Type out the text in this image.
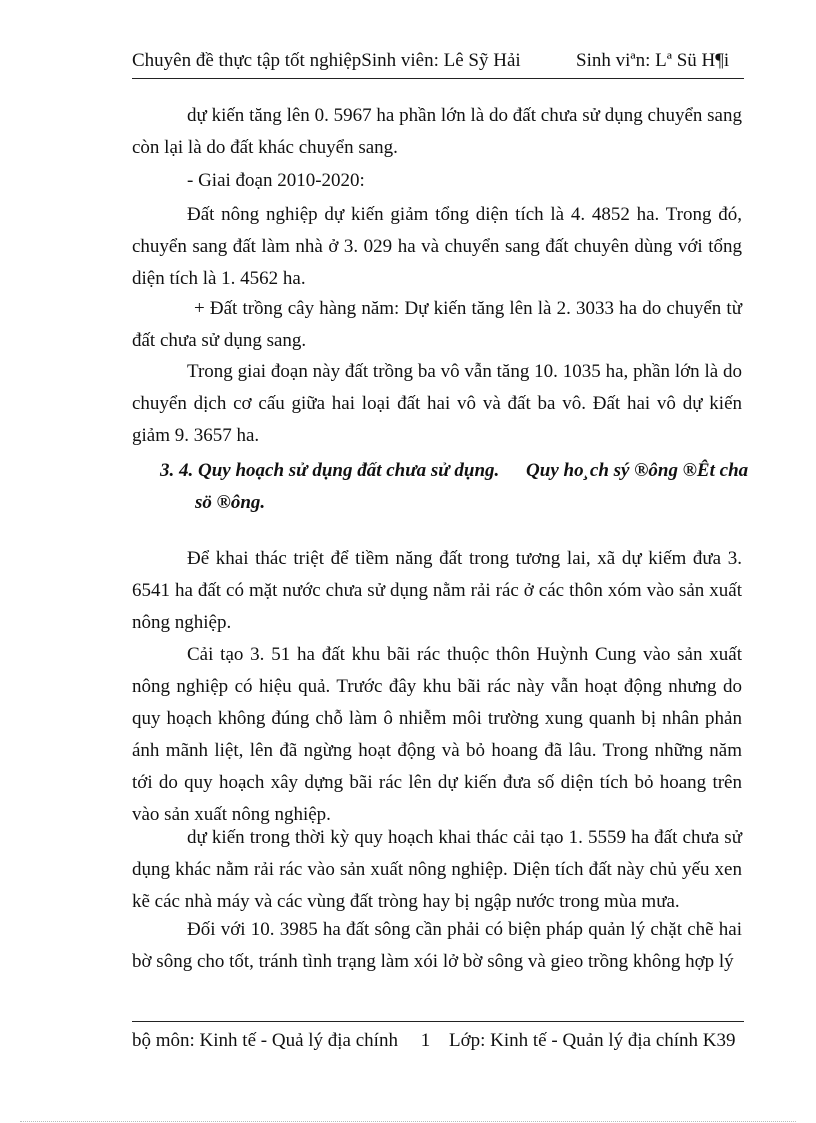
Chuyên đề thực tập tốt nghiệpSinh viên: Lê Sỹ Hải	Sinh viªn: Lª Sü H¶i

dự kiến tăng lên 0. 5967 ha phần lớn là do đất chưa sử dụng chuyển sang còn lại là do đất khác chuyển sang.

- Giai đoạn 2010-2020:

Đất nông nghiệp dự kiến giảm tổng diện tích là 4. 4852 ha. Trong đó, chuyển sang đất làm nhà ở 3. 029 ha và chuyển sang đất chuyên dùng với tổng diện tích là 1. 4562 ha.

+ Đất trồng cây hàng năm: Dự kiến tăng lên là 2. 3033 ha do chuyển từ đất chưa sử dụng sang.

Trong giai đoạn này đất trồng ba vô vẫn tăng 10. 1035 ha, phần lớn là do chuyển dịch cơ cấu giữa hai loại đất hai vô và đất ba vô. Đất hai vô dự kiến giảm 9. 3657 ha.

3. 4. Quy hoạch sử dụng đất chưa sử dụng. Quy ho¸ch sý ®ông ®Êt cha
sö ®ông.

Để khai thác triệt để tiềm năng đất trong tương lai, xã dự kiếm đưa 3. 6541 ha đất có mặt nước chưa sử dụng nằm rải rác ở các thôn xóm vào sản xuất nông nghiệp.

Cải tạo 3. 51 ha đất khu bãi rác thuộc thôn Huỳnh Cung vào sản xuất nông nghiệp có hiệu quả. Trước đây khu bãi rác này vẫn hoạt động nhưng do quy hoạch không đúng chỗ làm ô nhiễm môi trường xung quanh bị nhân phản ánh mãnh liệt, lên đã ngừng hoạt động và bỏ hoang đã lâu. Trong những năm tới do quy hoạch xây dựng bãi rác lên dự kiến đưa số diện tích bỏ hoang trên vào sản xuất nông nghiệp.

dự kiến trong thời kỳ quy hoạch khai thác cải tạo 1. 5559 ha đất chưa sử dụng khác nằm rải rác vào sản xuất nông nghiệp. Diện tích đất này chủ yếu xen kẽ các nhà máy và các vùng đất tròng hay bị ngập nước trong mùa mưa.

Đối với 10. 3985 ha đất sông cần phải có biện pháp quản lý chặt chẽ hai bờ sông cho tốt, tránh tình trạng làm xói lở bờ sông và gieo trồng không hợp lý

bộ môn: Kinh tế - Quả lý địa chính 1 Lớp: Kinh tế - Quản lý địa chính K39
